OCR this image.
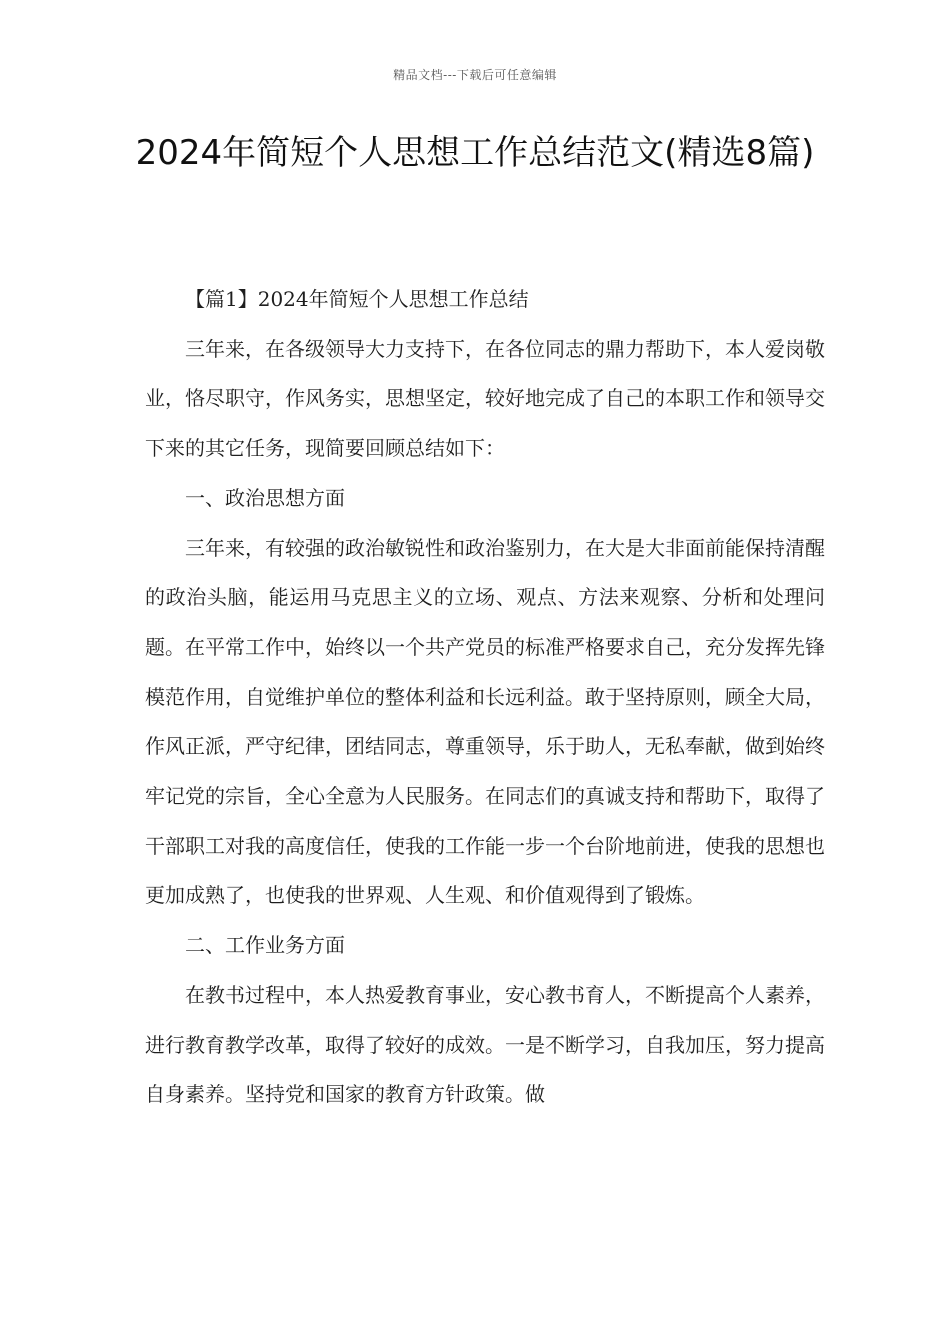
精品文档---下载后可任意编辑
2024年简短个人思想工作总结范文(精选8篇)

【篇1】2024年简短个人思想工作总结

三年来，在各级领导大力支持下，在各位同志的鼎力帮助下，本人爱岗敬业，恪尽职守，作风务实，思想坚定，较好地完成了自己的本职工作和领导交下来的其它任务，现简要回顾总结如下：

一、政治思想方面

三年来，有较强的政治敏锐性和政治鉴别力，在大是大非面前能保持清醒的政治头脑，能运用马克思主义的立场、观点、方法来观察、分析和处理问题。在平常工作中，始终以一个共产党员的标准严格要求自己，充分发挥先锋模范作用，自觉维护单位的整体利益和长远利益。敢于坚持原则，顾全大局，作风正派，严守纪律，团结同志，尊重领导，乐于助人，无私奉献，做到始终牢记党的宗旨，全心全意为人民服务。在同志们的真诚支持和帮助下，取得了干部职工对我的高度信任，使我的工作能一步一个台阶地前进，使我的思想也更加成熟了，也使我的世界观、人生观、和价值观得到了锻炼。

二、工作业务方面

在教书过程中，本人热爱教育事业，安心教书育人，不断提高个人素养，进行教育教学改革，取得了较好的成效。一是不断学习，自我加压，努力提高自身素养。坚持党和国家的教育方针政策。做
